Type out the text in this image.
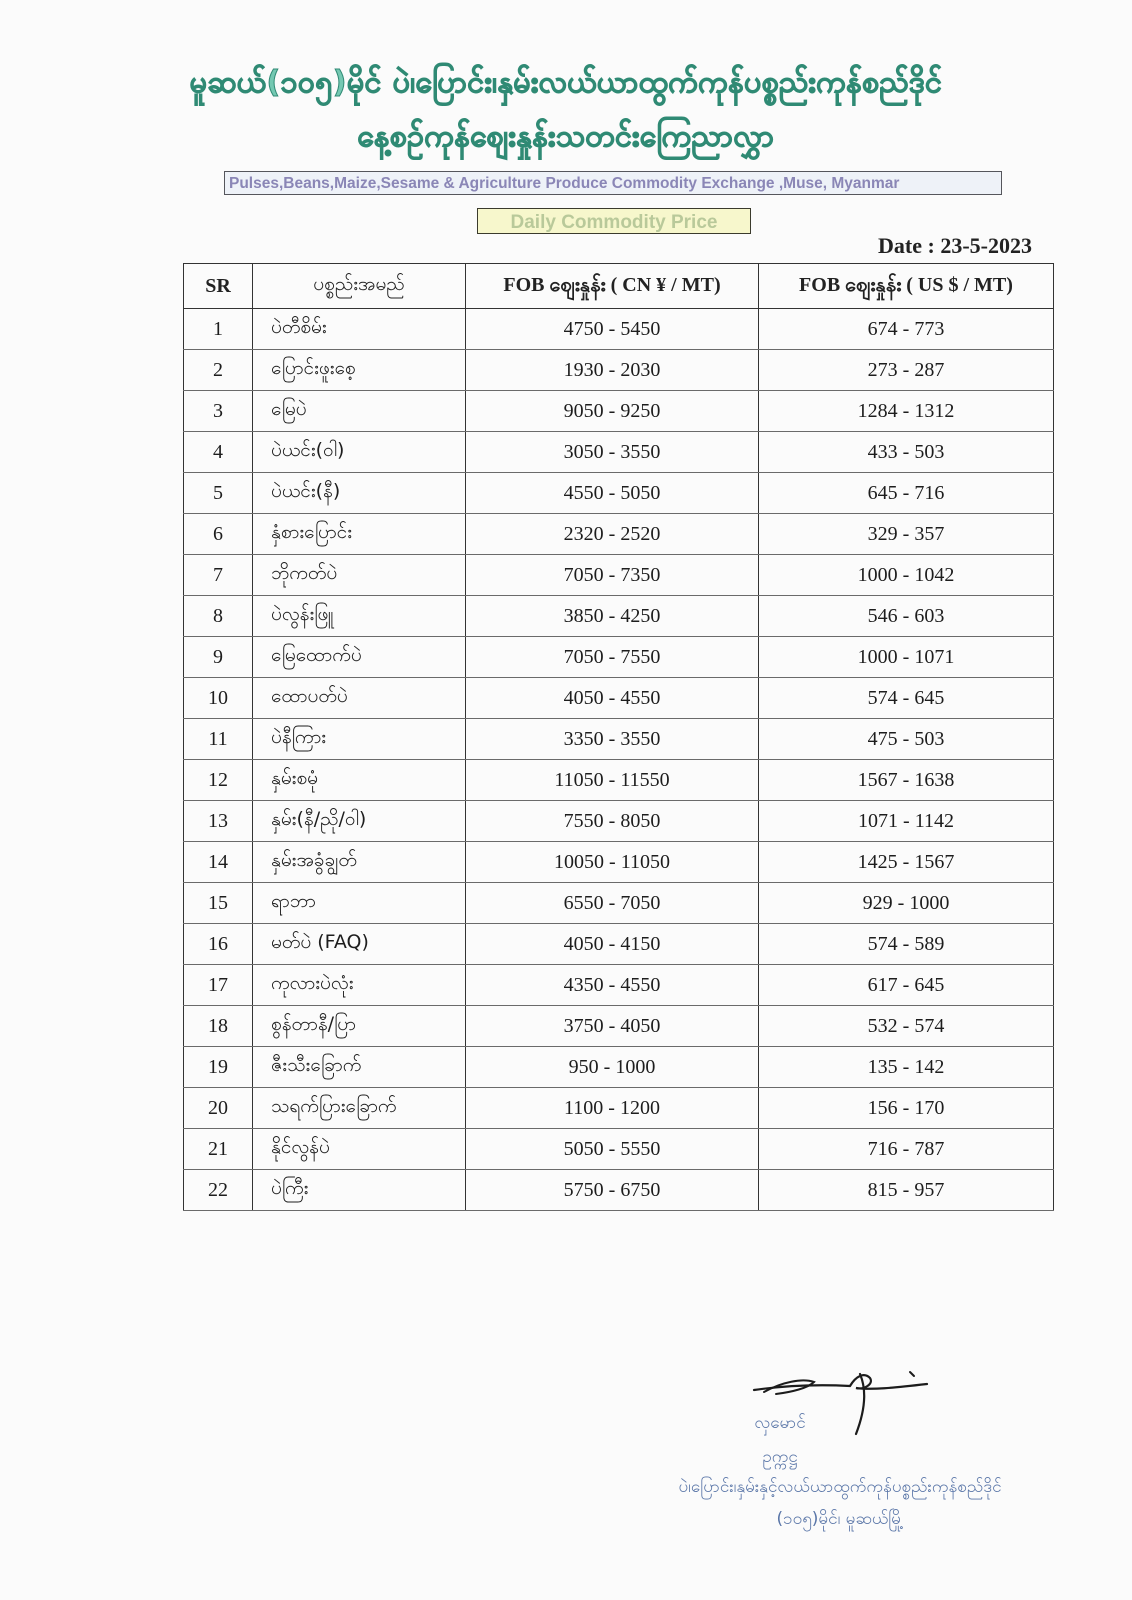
မူဆယ်(၁၀၅)မိုင် ပဲ၊ပြောင်း၊နှမ်းလယ်ယာထွက်ကုန်ပစ္စည်းကုန်စည်ဒိုင်
နေ့စဉ်ကုန်စျေးနှုန်းသတင်းကြေညာလွှာ
Pulses,Beans,Maize,Sesame & Agriculture Produce Commodity Exchange ,Muse, Myanmar
Daily Commodity Price
Date : 23-5-2023
SR	ပစ္စည်းအမည်	FOB စျေးနှုန်း ( CN ¥ / MT)	FOB စျေးနှုန်း ( US $ / MT)
1	ပဲတီစိမ်း	4750 - 5450	674 - 773
2	ပြောင်းဖူးစေ့	1930 - 2030	273 - 287
3	မြေပဲ	9050 - 9250	1284 - 1312
4	ပဲယင်း(ဝါ)	3050 - 3550	433 - 503
5	ပဲယင်း(နီ)	4550 - 5050	645 - 716
6	နှံစားပြောင်း	2320 - 2520	329 - 357
7	ဘိုကတ်ပဲ	7050 - 7350	1000 - 1042
8	ပဲလွန်းဖြူ	3850 - 4250	546 - 603
9	မြေထောက်ပဲ	7050 - 7550	1000 - 1071
10	ထောပတ်ပဲ	4050 - 4550	574 - 645
11	ပဲနီကြား	3350 - 3550	475 - 503
12	နှမ်းစမုံ	11050 - 11550	1567 - 1638
13	နှမ်း(နီ/ညို/ဝါ)	7550 - 8050	1071 - 1142
14	နှမ်းအခွံချွတ်	10050 - 11050	1425 - 1567
15	ရာဘာ	6550 - 7050	929 - 1000
16	မတ်ပဲ (FAQ)	4050 - 4150	574 - 589
17	ကုလားပဲလုံး	4350 - 4550	617 - 645
18	စွန်တာနီ/ပြာ	3750 - 4050	532 - 574
19	ဇီးသီးခြောက်	950 - 1000	135 - 142
20	သရက်ပြားခြောက်	1100 - 1200	156 - 170
21	နိုင်လွန်ပဲ	5050 - 5550	716 - 787
22	ပဲကြီး	5750 - 6750	815 - 957
လှမောင်
ဥက္ကဋ္ဌ
ပဲ၊ပြောင်း၊နှမ်းနှင့်လယ်ယာထွက်ကုန်ပစ္စည်းကုန်စည်ဒိုင်
(၁၀၅)မိုင်၊ မူဆယ်မြို့
